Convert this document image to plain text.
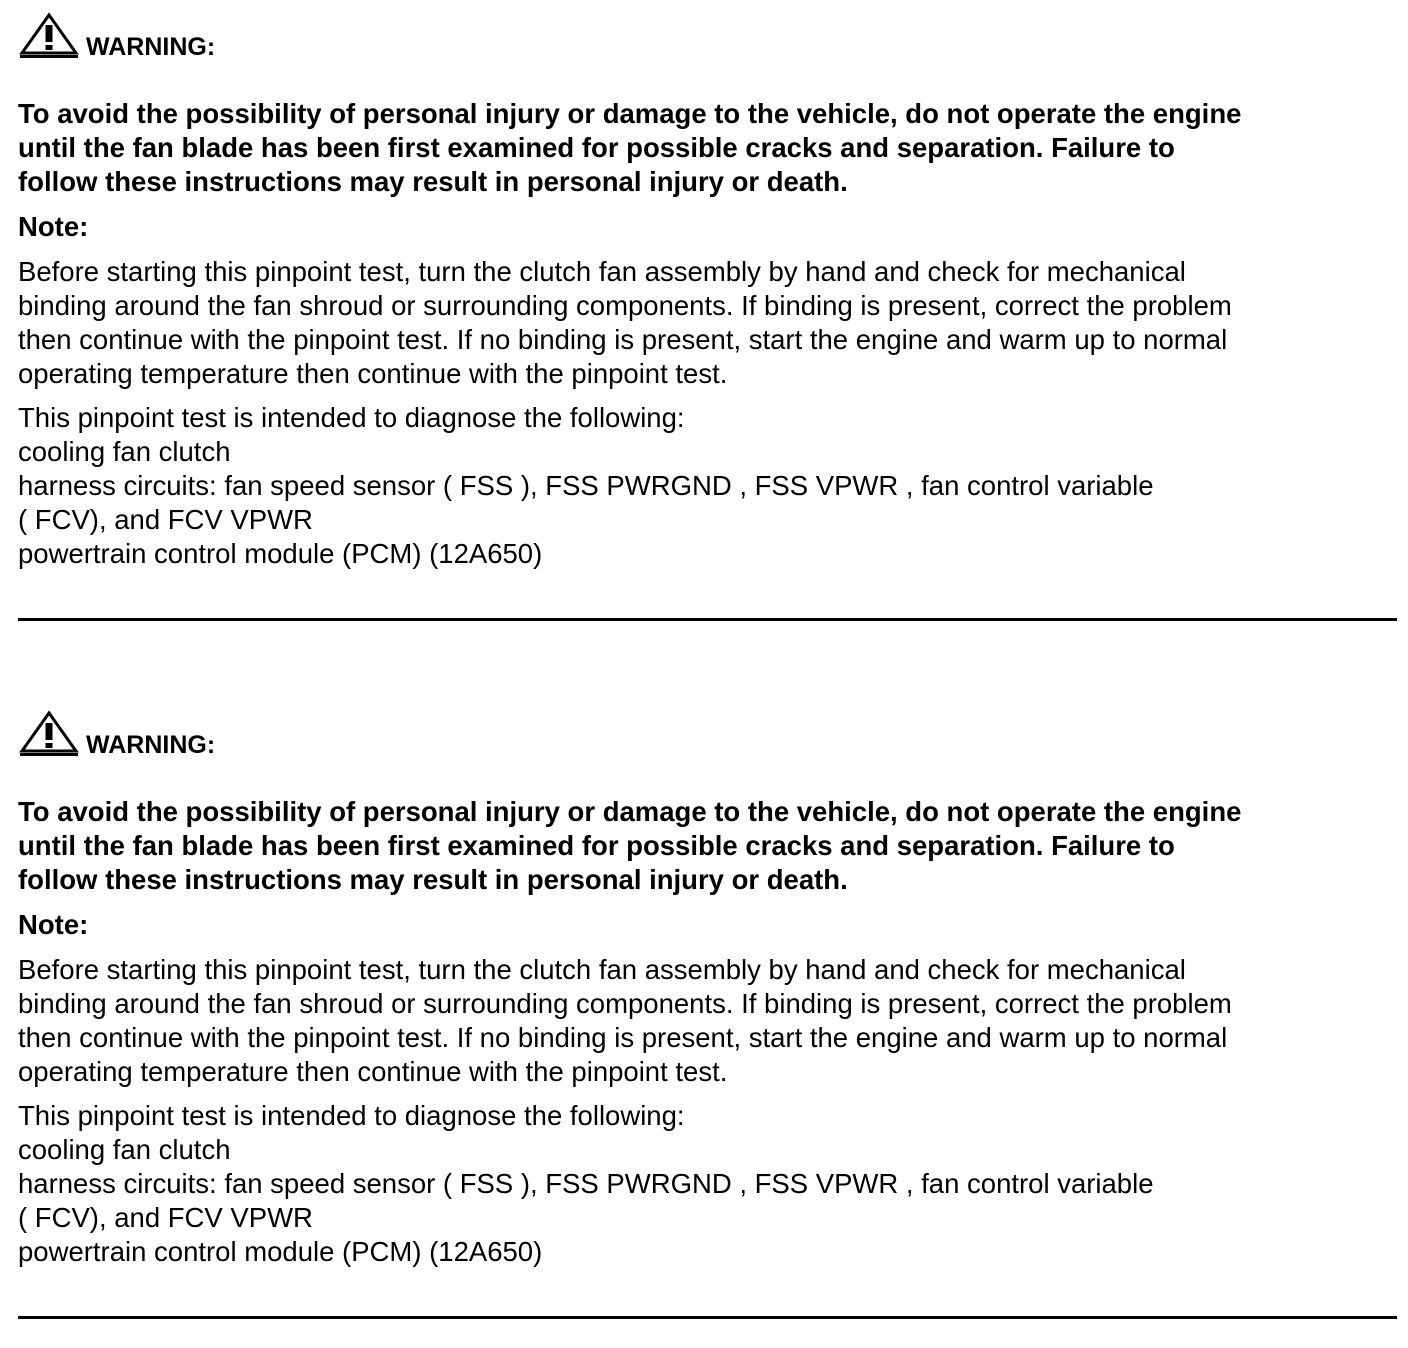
WARNING:
To avoid the possibility of personal injury or damage to the vehicle, do not operate the engine
until the fan blade has been first examined for possible cracks and separation. Failure to
follow these instructions may result in personal injury or death.
Note:
Before starting this pinpoint test, turn the clutch fan assembly by hand and check for mechanical
binding around the fan shroud or surrounding components. If binding is present, correct the problem
then continue with the pinpoint test. If no binding is present, start the engine and warm up to normal
operating temperature then continue with the pinpoint test.
This pinpoint test is intended to diagnose the following:
cooling fan clutch
harness circuits: fan speed sensor ( FSS ), FSS PWRGND , FSS VPWR , fan control variable
( FCV), and FCV VPWR
powertrain control module (PCM) (12A650)
WARNING:
To avoid the possibility of personal injury or damage to the vehicle, do not operate the engine
until the fan blade has been first examined for possible cracks and separation. Failure to
follow these instructions may result in personal injury or death.
Note:
Before starting this pinpoint test, turn the clutch fan assembly by hand and check for mechanical
binding around the fan shroud or surrounding components. If binding is present, correct the problem
then continue with the pinpoint test. If no binding is present, start the engine and warm up to normal
operating temperature then continue with the pinpoint test.
This pinpoint test is intended to diagnose the following:
cooling fan clutch
harness circuits: fan speed sensor ( FSS ), FSS PWRGND , FSS VPWR , fan control variable
( FCV), and FCV VPWR
powertrain control module (PCM) (12A650)
